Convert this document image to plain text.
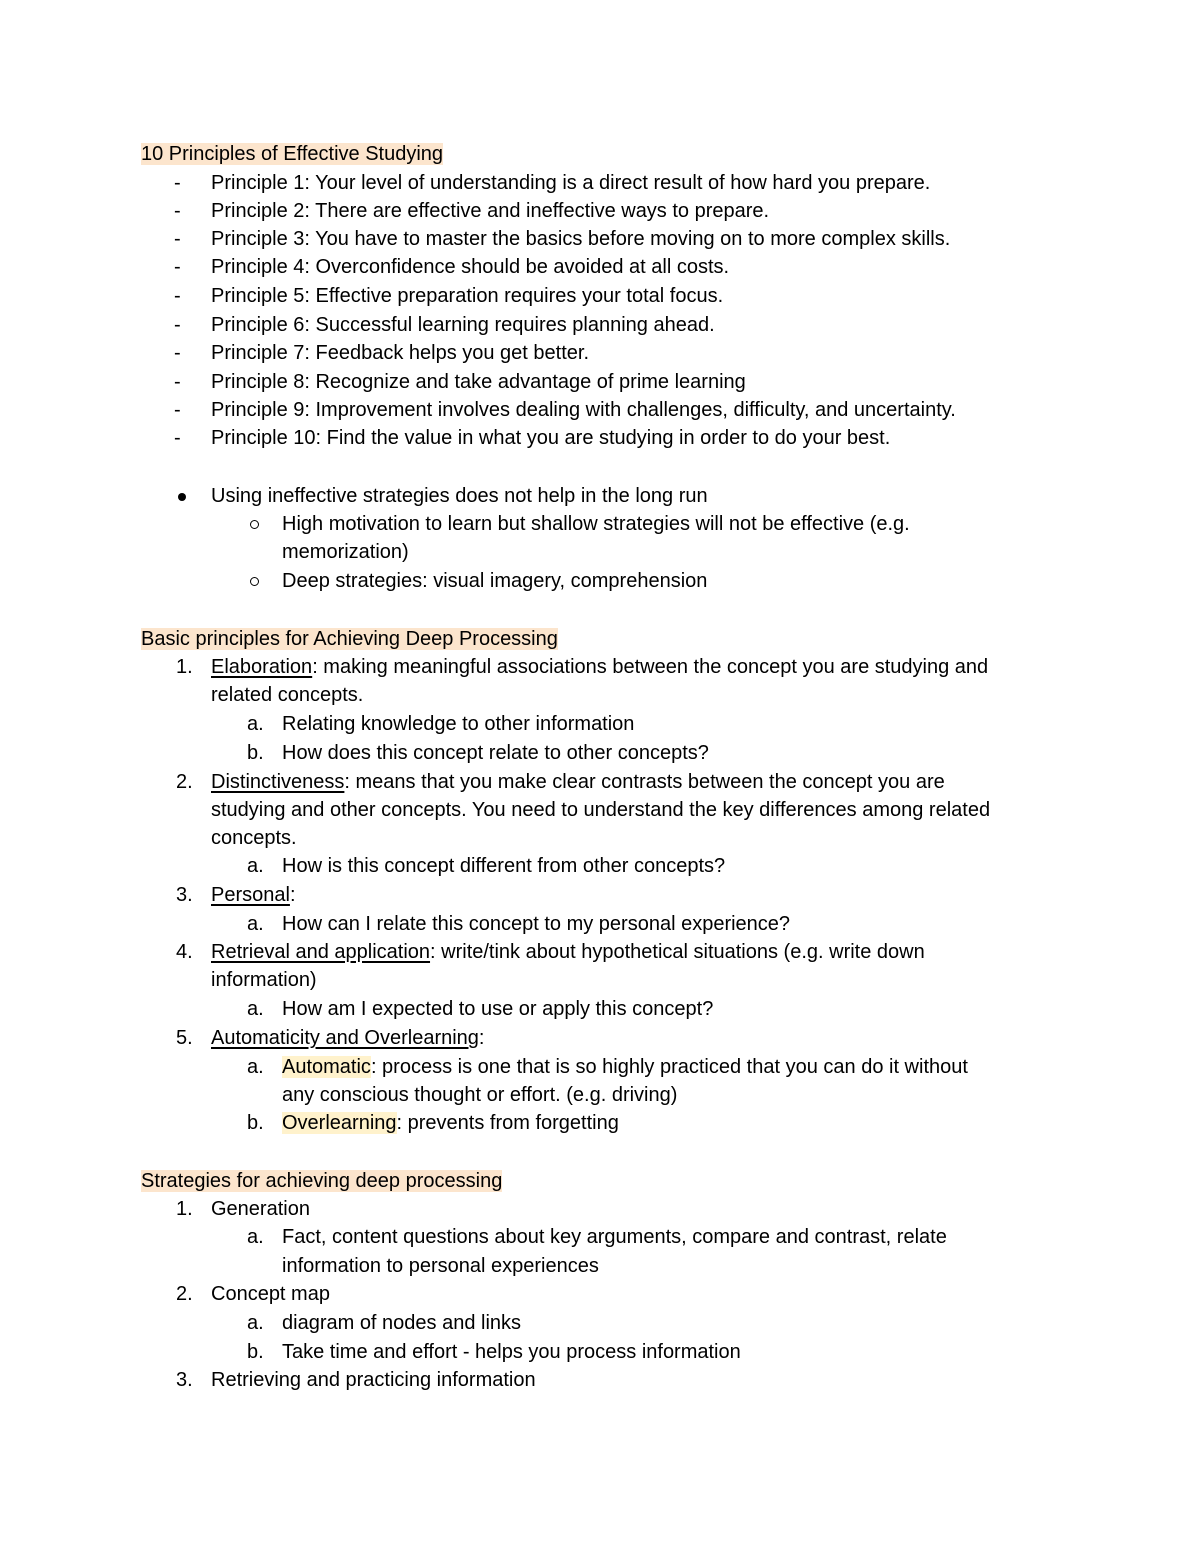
10 Principles of Effective Studying
- Principle 1: Your level of understanding is a direct result of how hard you prepare.
- Principle 2: There are effective and ineffective ways to prepare.
- Principle 3: You have to master the basics before moving on to more complex skills.
- Principle 4: Overconfidence should be avoided at all costs.
- Principle 5: Effective preparation requires your total focus.
- Principle 6: Successful learning requires planning ahead.
- Principle 7: Feedback helps you get better.
- Principle 8: Recognize and take advantage of prime learning
- Principle 9: Improvement involves dealing with challenges, difficulty, and uncertainty.
- Principle 10: Find the value in what you are studying in order to do your best.
Using ineffective strategies does not help in the long run
High motivation to learn but shallow strategies will not be effective (e.g.
memorization)
Deep strategies: visual imagery, comprehension
Basic principles for Achieving Deep Processing
1. Elaboration: making meaningful associations between the concept you are studying and
related concepts.
a. Relating knowledge to other information
b. How does this concept relate to other concepts?
2. Distinctiveness: means that you make clear contrasts between the concept you are
studying and other concepts. You need to understand the key differences among related
concepts.
a. How is this concept different from other concepts?
3. Personal:
a. How can I relate this concept to my personal experience?
4. Retrieval and application: write/tink about hypothetical situations (e.g. write down
information)
a. How am I expected to use or apply this concept?
5. Automaticity and Overlearning:
a. Automatic: process is one that is so highly practiced that you can do it without
any conscious thought or effort. (e.g. driving)
b. Overlearning: prevents from forgetting
Strategies for achieving deep processing
1. Generation
a. Fact, content questions about key arguments, compare and contrast, relate
information to personal experiences
2. Concept map
a. diagram of nodes and links
b. Take time and effort - helps you process information
3. Retrieving and practicing information
